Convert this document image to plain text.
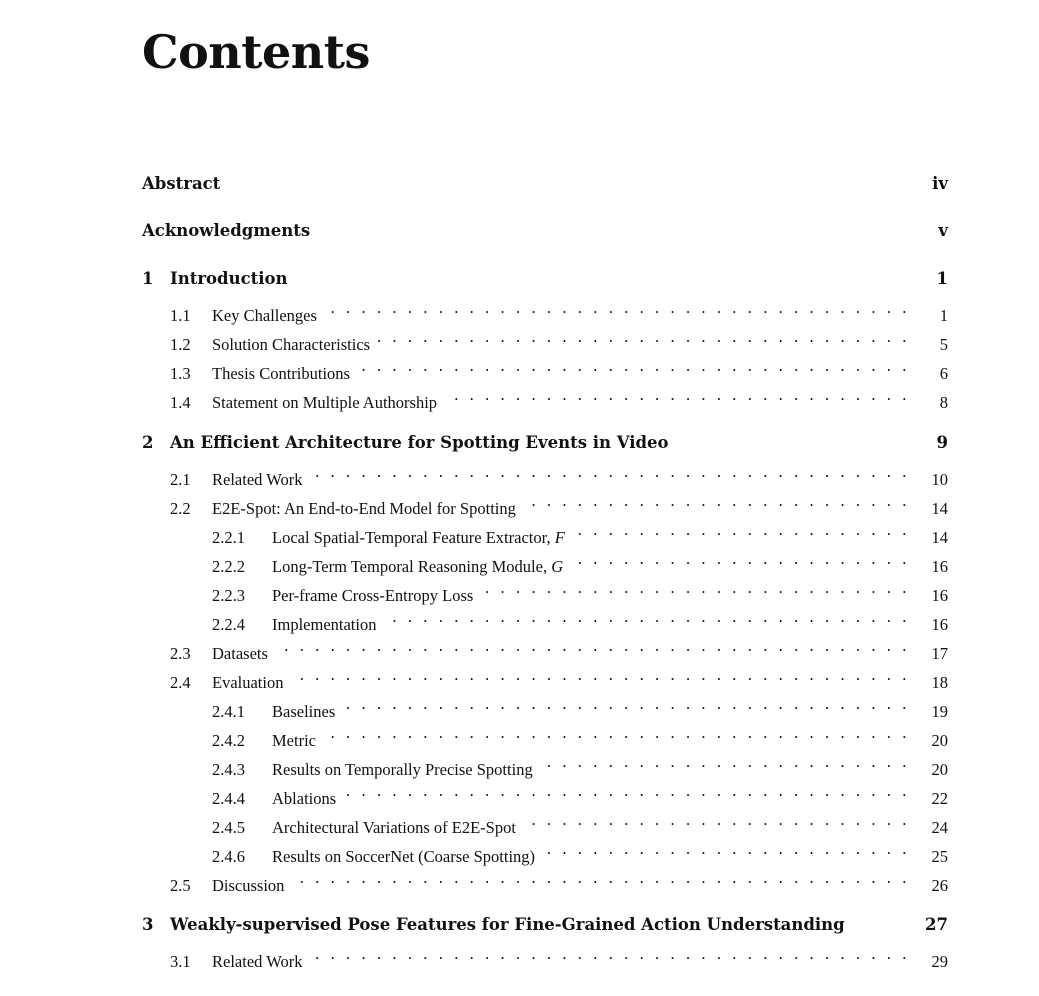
Contents
Abstract	iv
Acknowledgments	v
1	Introduction	1
1.1	Key Challenges . . .	1
1.2	Solution Characteristics . . .	5
1.3	Thesis Contributions . . .	6
1.4	Statement on Multiple Authorship . . .	8
2	An Efficient Architecture for Spotting Events in Video	9
2.1	Related Work . . .	10
2.2	E2E-Spot: An End-to-End Model for Spotting . . .	14
2.2.1	Local Spatial-Temporal Feature Extractor, F . . .	14
2.2.2	Long-Term Temporal Reasoning Module, G . . .	16
2.2.3	Per-frame Cross-Entropy Loss . . .	16
2.2.4	Implementation . . .	16
2.3	Datasets . . .	17
2.4	Evaluation . . .	18
2.4.1	Baselines . . .	19
2.4.2	Metric . . .	20
2.4.3	Results on Temporally Precise Spotting . . .	20
2.4.4	Ablations . . .	22
2.4.5	Architectural Variations of E2E-Spot . . .	24
2.4.6	Results on SoccerNet (Coarse Spotting) . . .	25
2.5	Discussion . . .	26
3	Weakly-supervised Pose Features for Fine-Grained Action Understanding	27
3.1	Related Work . . .	29
